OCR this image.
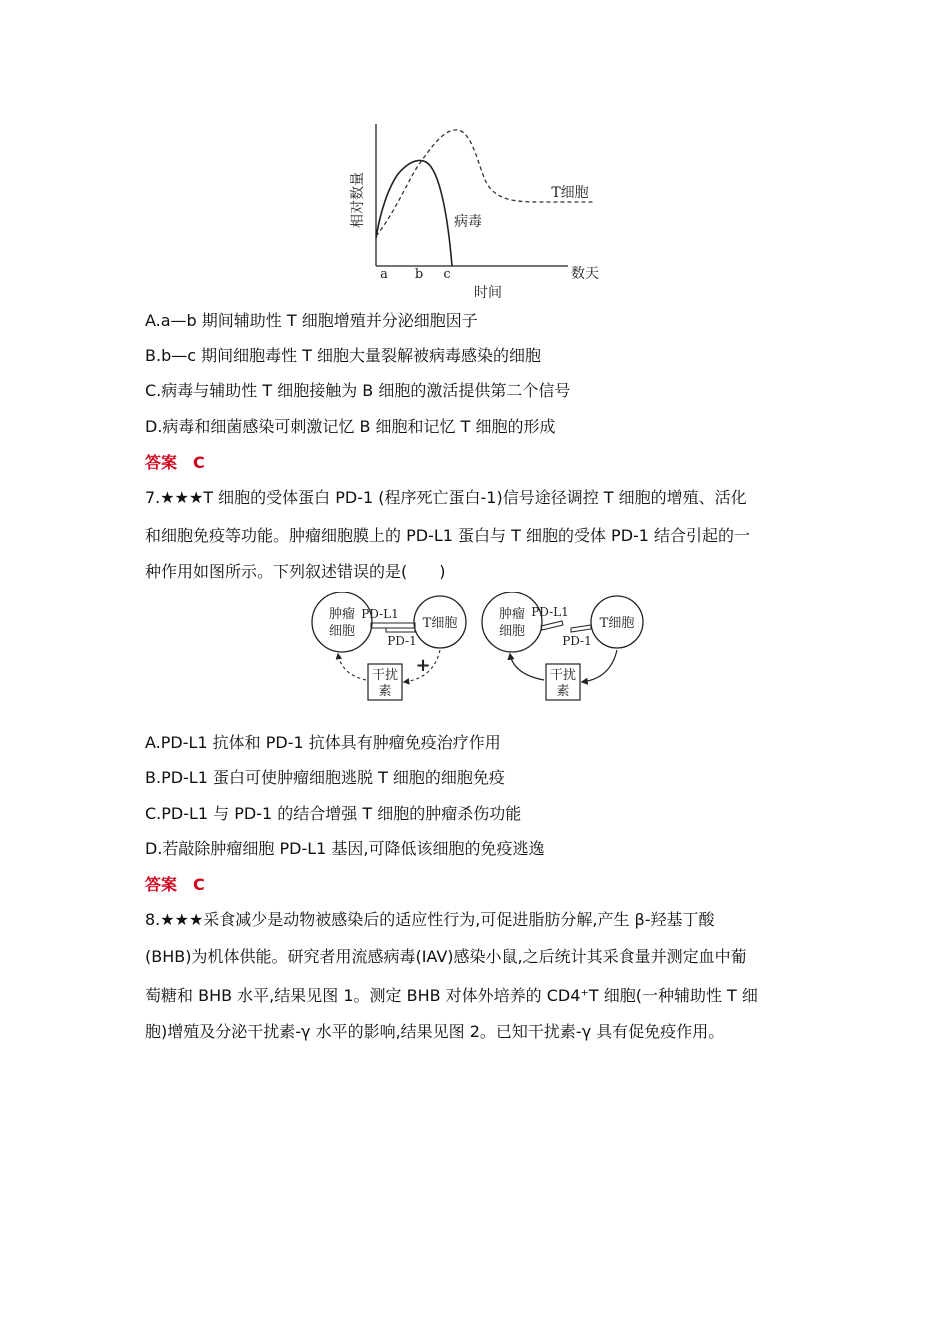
相对数量
a b c	数天
时间
T细胞
病毒
A.a—b 期间辅助性 T 细胞增殖并分泌细胞因子
B.b—c 期间细胞毒性 T 细胞大量裂解被病毒感染的细胞
C.病毒与辅助性 T 细胞接触为 B 细胞的激活提供第二个信号
D.病毒和细菌感染可刺激记忆 B 细胞和记忆 T 细胞的形成
答案　C
7.★★★T 细胞的受体蛋白 PD-1 (程序死亡蛋白-1)信号途径调控 T 细胞的增殖、活化
和细胞免疫等功能。肿瘤细胞膜上的 PD-L1 蛋白与 T 细胞的受体 PD-1 结合引起的一
种作用如图所示。下列叙述错误的是(　　)
肿瘤
细胞
T细胞
PD-L1
PD-1
干扰
素
+
肿瘤
细胞
T细胞
PD-L1
PD-1
干扰
素
A.PD-L1 抗体和 PD-1 抗体具有肿瘤免疫治疗作用
B.PD-L1 蛋白可使肿瘤细胞逃脱 T 细胞的细胞免疫
C.PD-L1 与 PD-1 的结合增强 T 细胞的肿瘤杀伤功能
D.若敲除肿瘤细胞 PD-L1 基因,可降低该细胞的免疫逃逸
答案　C
8.★★★采食减少是动物被感染后的适应性行为,可促进脂肪分解,产生 β-羟基丁酸
(BHB)为机体供能。研究者用流感病毒(IAV)感染小鼠,之后统计其采食量并测定血中葡
萄糖和 BHB 水平,结果见图 1。测定 BHB 对体外培养的 CD4⁺T 细胞(一种辅助性 T 细
胞)增殖及分泌干扰素-γ 水平的影响,结果见图 2。已知干扰素-γ 具有促免疫作用。
